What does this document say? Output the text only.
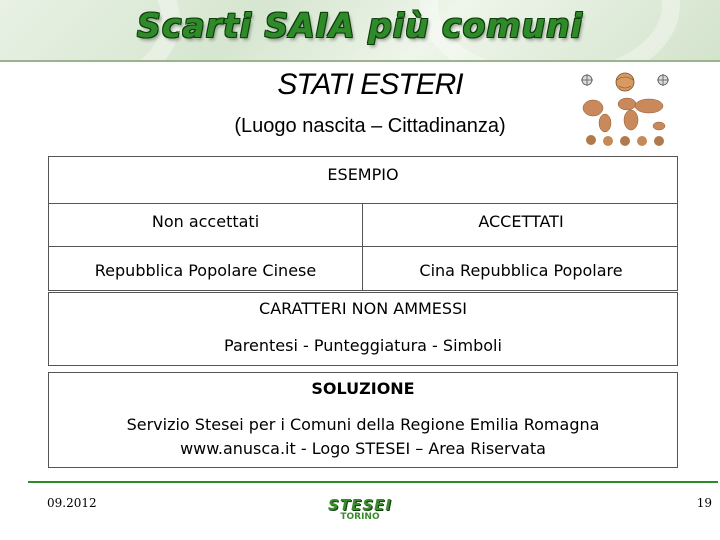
Scarti SAIA più comuni
STATI ESTERI
(Luogo nascita – Cittadinanza)
ESEMPIO
Non accettati	ACCETTATI
Repubblica Popolare Cinese	Cina Repubblica Popolare
CARATTERI NON AMMESSI
Parentesi - Punteggiatura - Simboli
SOLUZIONE
Servizio Stesei per i Comuni della Regione Emilia Romagna
www.anusca.it - Logo STESEI – Area Riservata
09.2012	STESEI
TORINO
19
